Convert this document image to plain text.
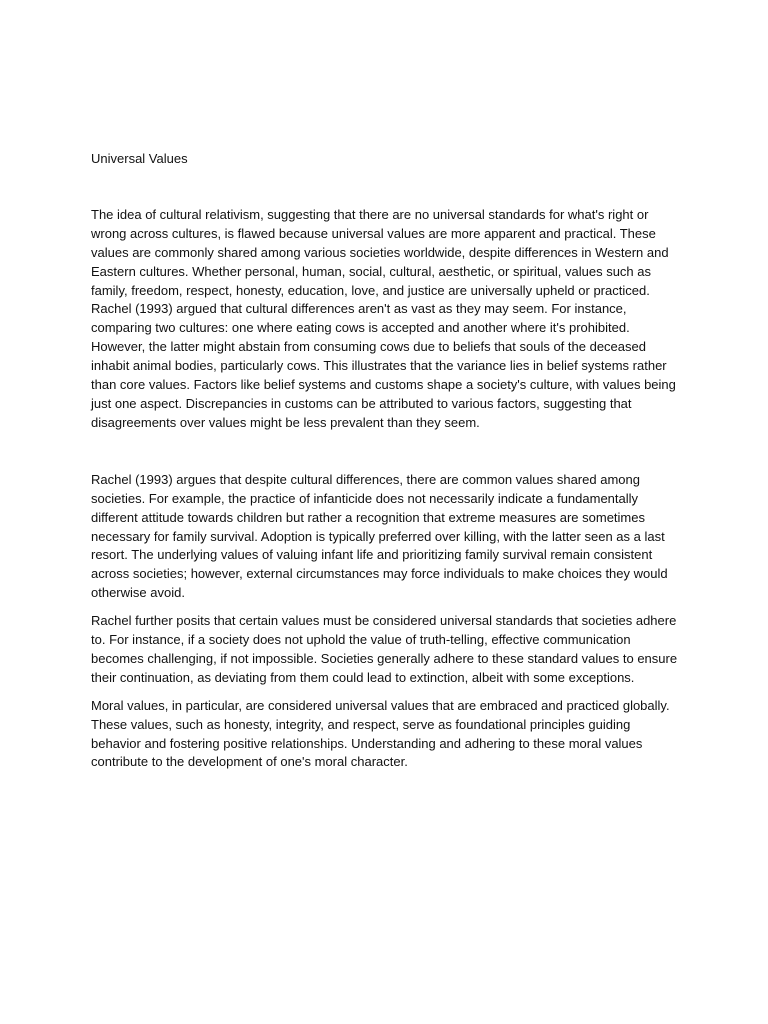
Universal Values

The idea of cultural relativism, suggesting that there are no universal standards for what's right or wrong across cultures, is flawed because universal values are more apparent and practical. These values are commonly shared among various societies worldwide, despite differences in Western and Eastern cultures. Whether personal, human, social, cultural, aesthetic, or spiritual, values such as family, freedom, respect, honesty, education, love, and justice are universally upheld or practiced. Rachel (1993) argued that cultural differences aren't as vast as they may seem. For instance, comparing two cultures: one where eating cows is accepted and another where it's prohibited. However, the latter might abstain from consuming cows due to beliefs that souls of the deceased inhabit animal bodies, particularly cows. This illustrates that the variance lies in belief systems rather than core values. Factors like belief systems and customs shape a society's culture, with values being just one aspect. Discrepancies in customs can be attributed to various factors, suggesting that disagreements over values might be less prevalent than they seem.

Rachel (1993) argues that despite cultural differences, there are common values shared among societies. For example, the practice of infanticide does not necessarily indicate a fundamentally different attitude towards children but rather a recognition that extreme measures are sometimes necessary for family survival. Adoption is typically preferred over killing, with the latter seen as a last resort. The underlying values of valuing infant life and prioritizing family survival remain consistent across societies; however, external circumstances may force individuals to make choices they would otherwise avoid.

Rachel further posits that certain values must be considered universal standards that societies adhere to. For instance, if a society does not uphold the value of truth-telling, effective communication becomes challenging, if not impossible. Societies generally adhere to these standard values to ensure their continuation, as deviating from them could lead to extinction, albeit with some exceptions.

Moral values, in particular, are considered universal values that are embraced and practiced globally. These values, such as honesty, integrity, and respect, serve as foundational principles guiding behavior and fostering positive relationships. Understanding and adhering to these moral values contribute to the development of one's moral character.
